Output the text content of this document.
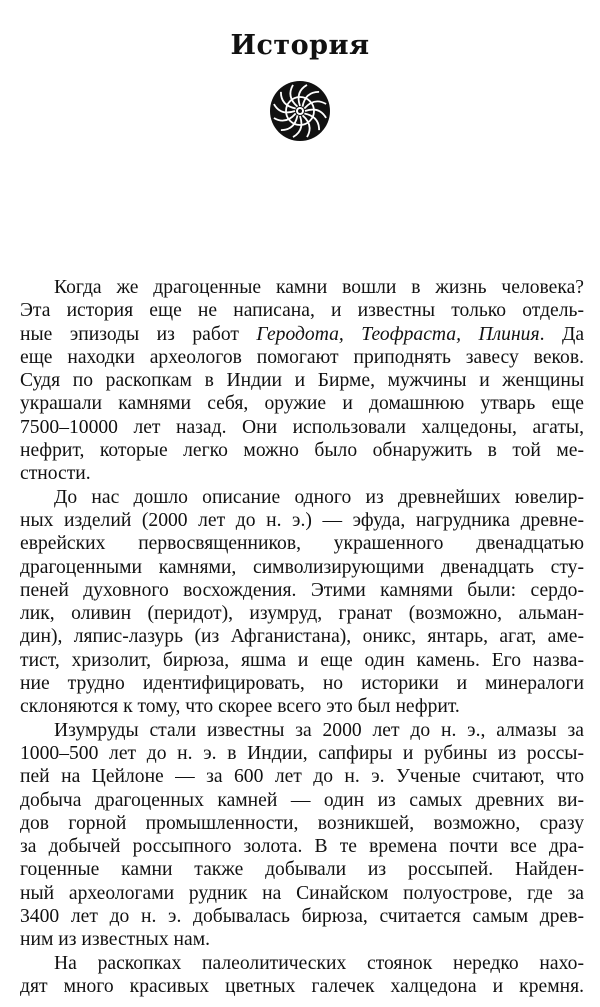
История

Когда же драгоценные камни вошли в жизнь человека?
Эта история еще не написана, и известны только отдель-
ные эпизоды из работ Геродота, Теофраста, Плиния. Да
еще находки археологов помогают приподнять завесу веков.
Судя по раскопкам в Индии и Бирме, мужчины и женщины
украшали камнями себя, оружие и домашнюю утварь еще
7500–10000 лет назад. Они использовали халцедоны, агаты,
нефрит, которые легко можно было обнаружить в той ме-
стности.

До нас дошло описание одного из древнейших ювелир-
ных изделий (2000 лет до н. э.) — эфуда, нагрудника древне-
еврейских первосвященников, украшенного двенадцатью
драгоценными камнями, символизирующими двенадцать сту-
пеней духовного восхождения. Этими камнями были: сердо-
лик, оливин (перидот), изумруд, гранат (возможно, альман-
дин), ляпис-лазурь (из Афганистана), оникс, янтарь, агат, аме-
тист, хризолит, бирюза, яшма и еще один камень. Его назва-
ние трудно идентифицировать, но историки и минералоги
склоняются к тому, что скорее всего это был нефрит.

Изумруды стали известны за 2000 лет до н. э., алмазы за
1000–500 лет до н. э. в Индии, сапфиры и рубины из россы-
пей на Цейлоне — за 600 лет до н. э. Ученые считают, что
добыча драгоценных камней — один из самых древних ви-
дов горной промышленности, возникшей, возможно, сразу
за добычей россыпного золота. В те времена почти все дра-
гоценные камни также добывали из россыпей. Найден-
ный археологами рудник на Синайском полуострове, где за
3400 лет до н. э. добывалась бирюза, считается самым древ-
ним из известных нам.

На раскопках палеолитических стоянок нередко нахо-
дят много красивых цветных галечек халцедона и кремня.
